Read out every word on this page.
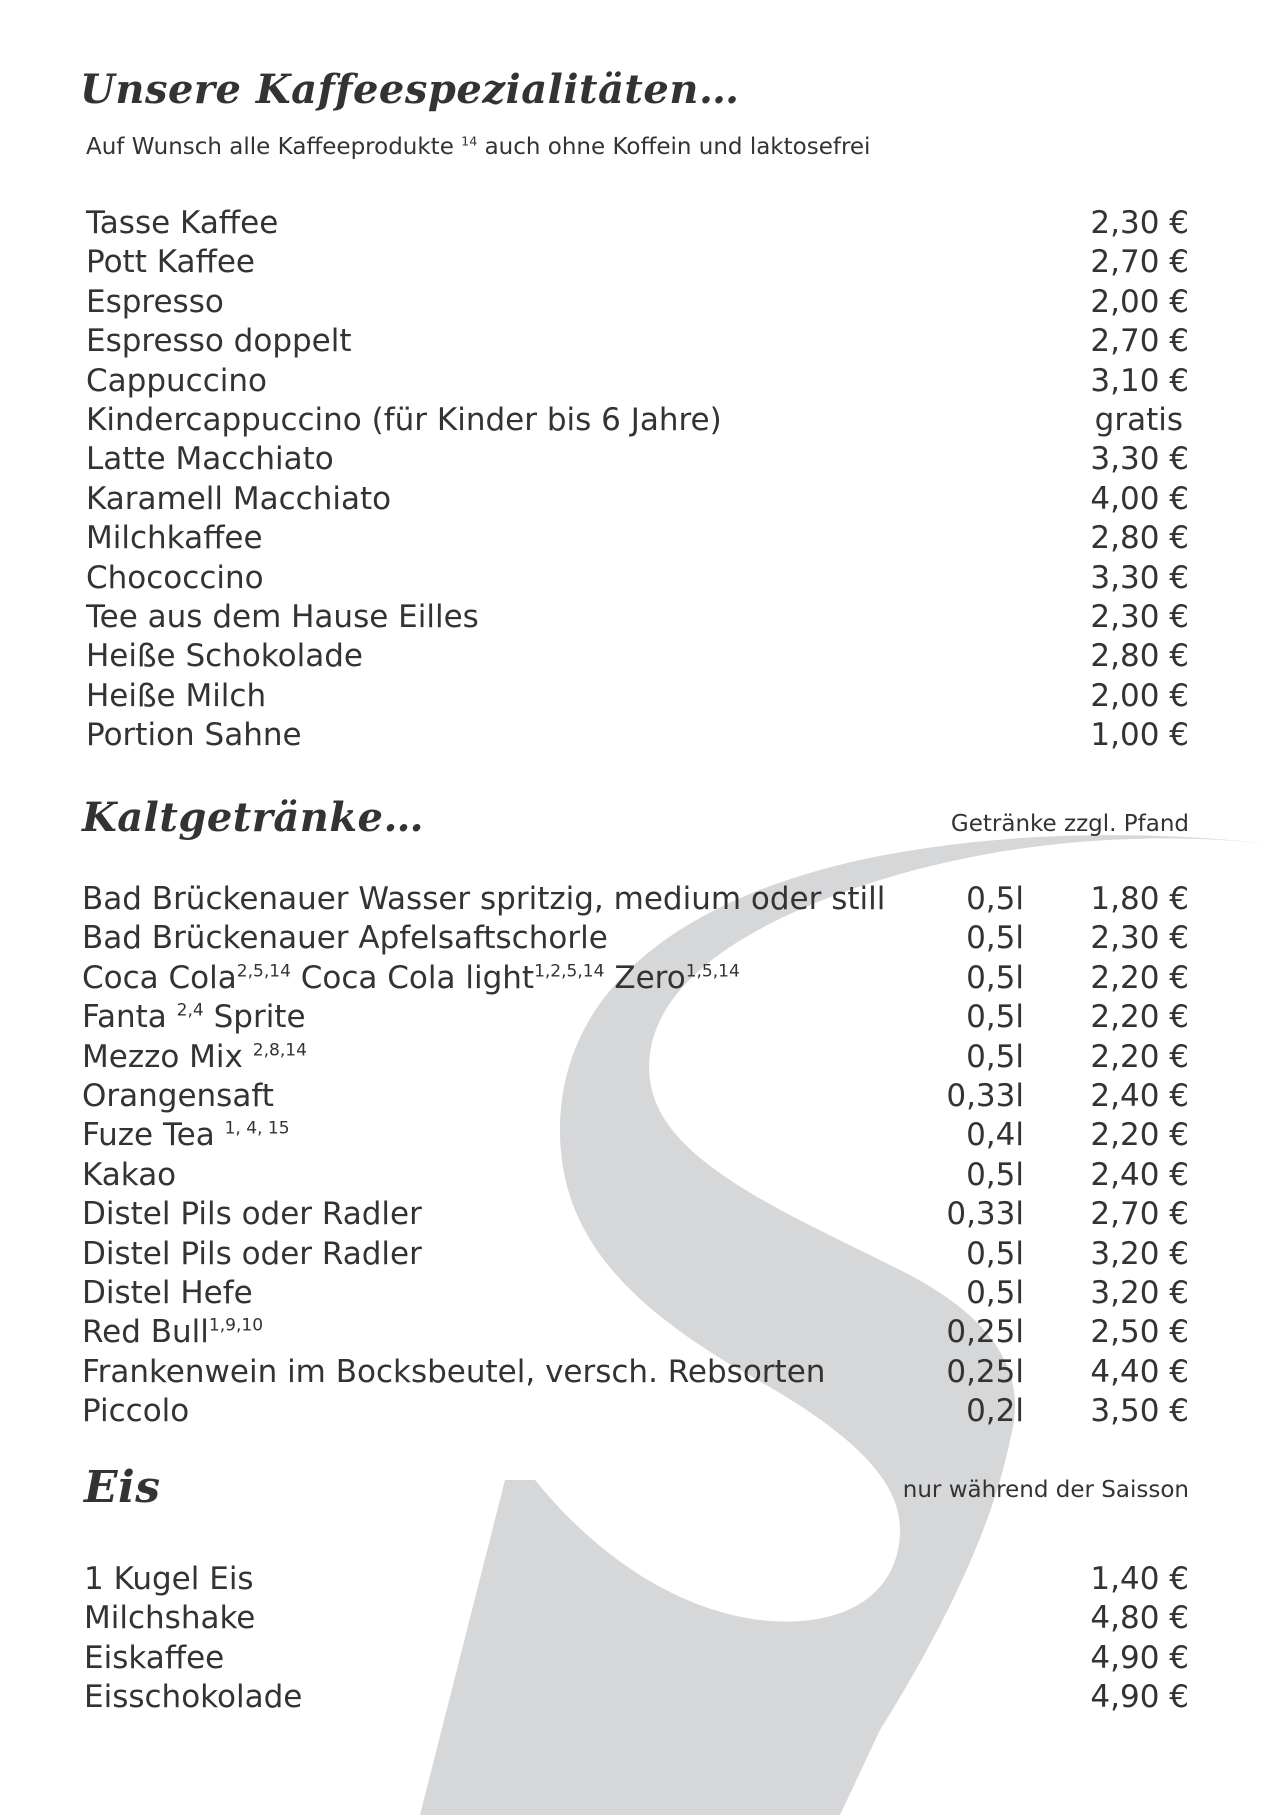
Unsere Kaffeespezialitäten…
Auf Wunsch alle Kaffeeprodukte $^{14}$ auch ohne Koffein und laktosefrei
Tasse Kaffee	2,30 €
Pott Kaffee	2,70 €
Espresso	2,00 €
Espresso doppelt	2,70 €
Cappuccino	3,10 €
Kindercappuccino (für Kinder bis 6 Jahre)	gratis
Latte Macchiato	3,30 €
Karamell Macchiato	4,00 €
Milchkaffee	2,80 €
Chococcino	3,30 €
Tee aus dem Hause Eilles	2,30 €
Heiße Schokolade	2,80 €
Heiße Milch	2,00 €
Portion Sahne	1,00 €
Kaltgetränke…	Getränke zzgl. Pfand
Bad Brückenauer Wasser spritzig, medium oder still	0,5l 1,80 €
Bad Brückenauer Apfelsaftschorle	0,5l 2,30 €
Coca Cola$^{2,5,14}$ Coca Cola light$^{1,2,5,14}$ Zero$^{1,5,14}$	0,5l 2,20 €
Fanta $^{2,4}$ Sprite	0,5l 2,20 €
Mezzo Mix $^{2,8,14}$	0,5l 2,20 €
Orangensaft	0,33l 2,40 €
Fuze Tea $^{1, 4, 15}$	0,4l 2,20 €
Kakao	0,5l 2,40 €
Distel Pils oder Radler	0,33l 2,70 €
Distel Pils oder Radler	0,5l 3,20 €
Distel Hefe	0,5l 3,20 €
Red Bull$^{1,9,10}$	0,25l 2,50 €
Frankenwein im Bocksbeutel, versch. Rebsorten	0,25l 4,40 €
Piccolo	0,2l 3,50 €
Eis	nur während der Saisson
1 Kugel Eis	1,40 €
Milchshake	4,80 €
Eiskaffee	4,90 €
Eisschokolade	4,90 €
